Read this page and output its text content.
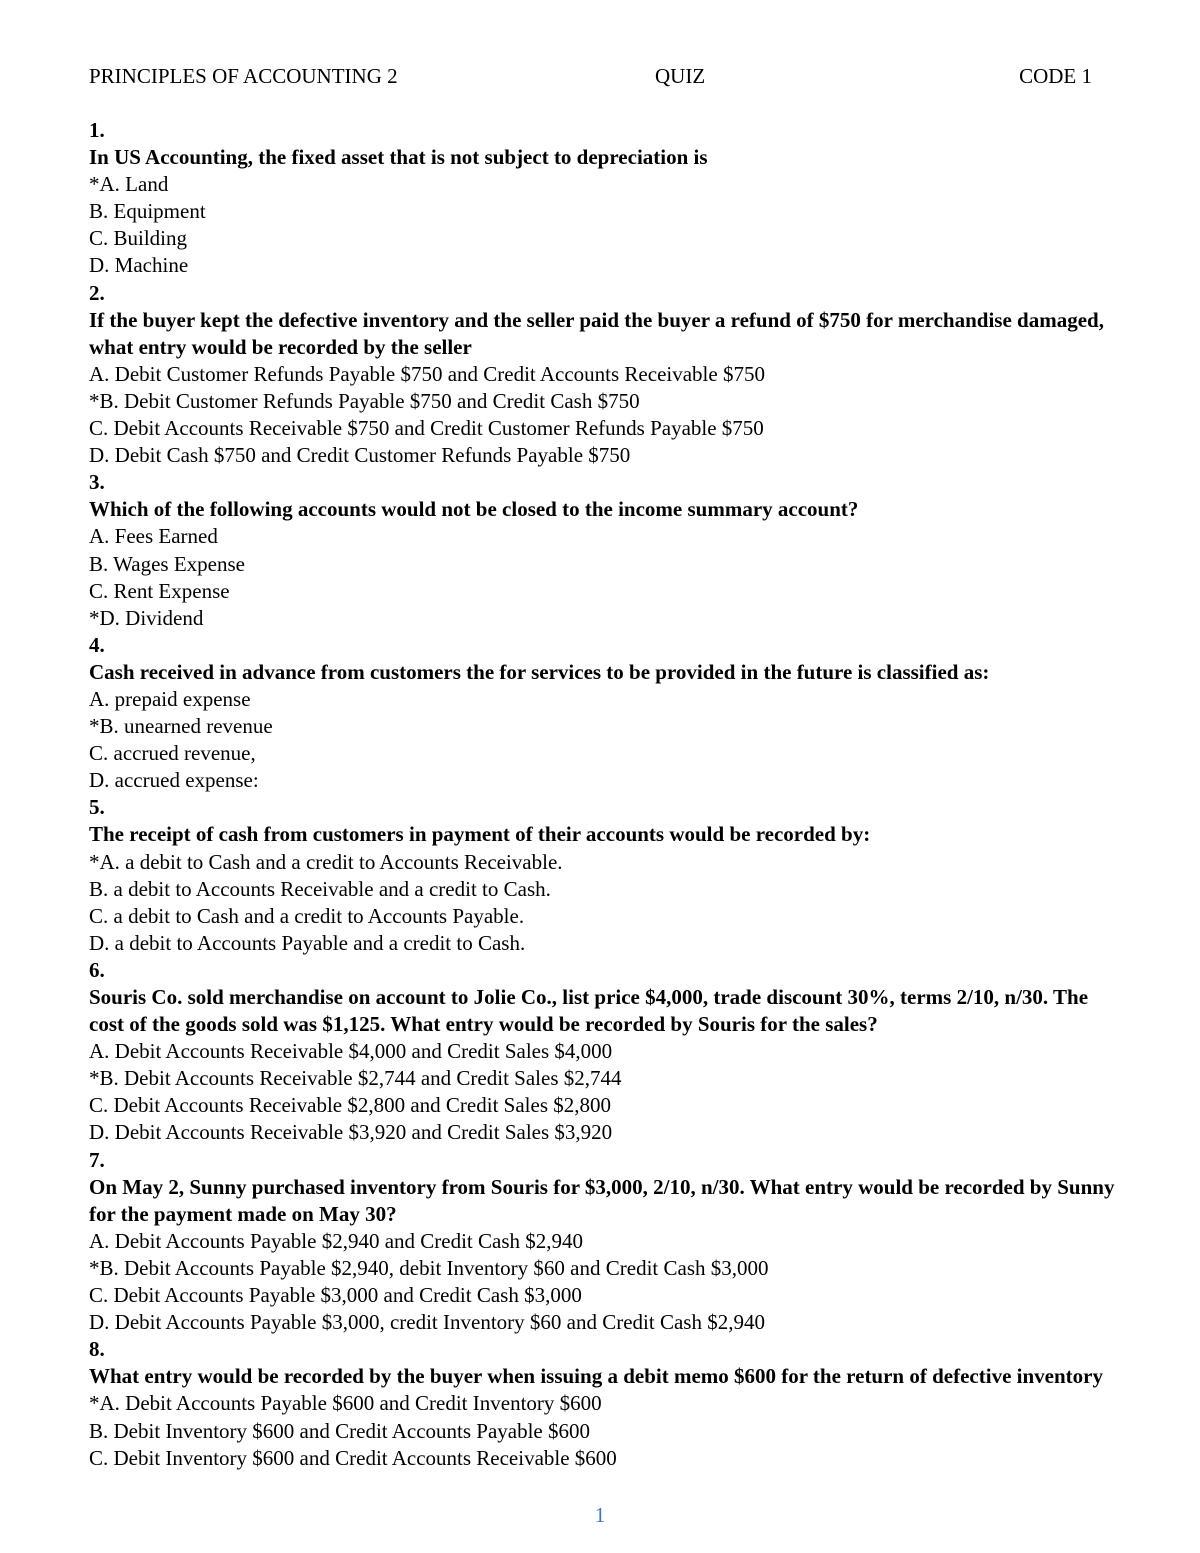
PRINCIPLES OF ACCOUNTING 2	QUIZ	CODE 1

1.

In US Accounting, the fixed asset that is not subject to depreciation is

*A. Land

B. Equipment

C. Building

D. Machine

2.

If the buyer kept the defective inventory and the seller paid the buyer a refund of $750 for merchandise damaged, what entry would be recorded by the seller

A. Debit Customer Refunds Payable $750 and Credit Accounts Receivable $750

*B. Debit Customer Refunds Payable $750 and Credit Cash $750

C. Debit Accounts Receivable $750 and Credit Customer Refunds Payable $750

D. Debit Cash $750 and Credit Customer Refunds Payable $750

3.

Which of the following accounts would not be closed to the income summary account?

A. Fees Earned

B. Wages Expense

C. Rent Expense

*D. Dividend

4.

Cash received in advance from customers the for services to be provided in the future is classified as:

A. prepaid expense

*B. unearned revenue

C. accrued revenue,

D. accrued expense:

5.

The receipt of cash from customers in payment of their accounts would be recorded by:

*A. a debit to Cash and a credit to Accounts Receivable.

B. a debit to Accounts Receivable and a credit to Cash.

C. a debit to Cash and a credit to Accounts Payable.

D. a debit to Accounts Payable and a credit to Cash.

6.

Souris Co. sold merchandise on account to Jolie Co., list price $4,000, trade discount 30%, terms 2/10, n/30. The cost of the goods sold was $1,125. What entry would be recorded by Souris for the sales?

A. Debit Accounts Receivable $4,000 and Credit Sales $4,000

*B. Debit Accounts Receivable $2,744 and Credit Sales $2,744

C. Debit Accounts Receivable $2,800 and Credit Sales $2,800

D. Debit Accounts Receivable $3,920 and Credit Sales $3,920

7.

On May 2, Sunny purchased inventory from Souris for $3,000, 2/10, n/30. What entry would be recorded by Sunny for the payment made on May 30?

A. Debit Accounts Payable $2,940 and Credit Cash $2,940

*B. Debit Accounts Payable $2,940, debit Inventory $60 and Credit Cash $3,000

C. Debit Accounts Payable $3,000 and Credit Cash $3,000

D. Debit Accounts Payable $3,000, credit Inventory $60 and Credit Cash $2,940

8.

What entry would be recorded by the buyer when issuing a debit memo $600 for the return of defective inventory

*A. Debit Accounts Payable $600 and Credit Inventory $600

B. Debit Inventory $600 and Credit Accounts Payable $600

C. Debit Inventory $600 and Credit Accounts Receivable $600

1
